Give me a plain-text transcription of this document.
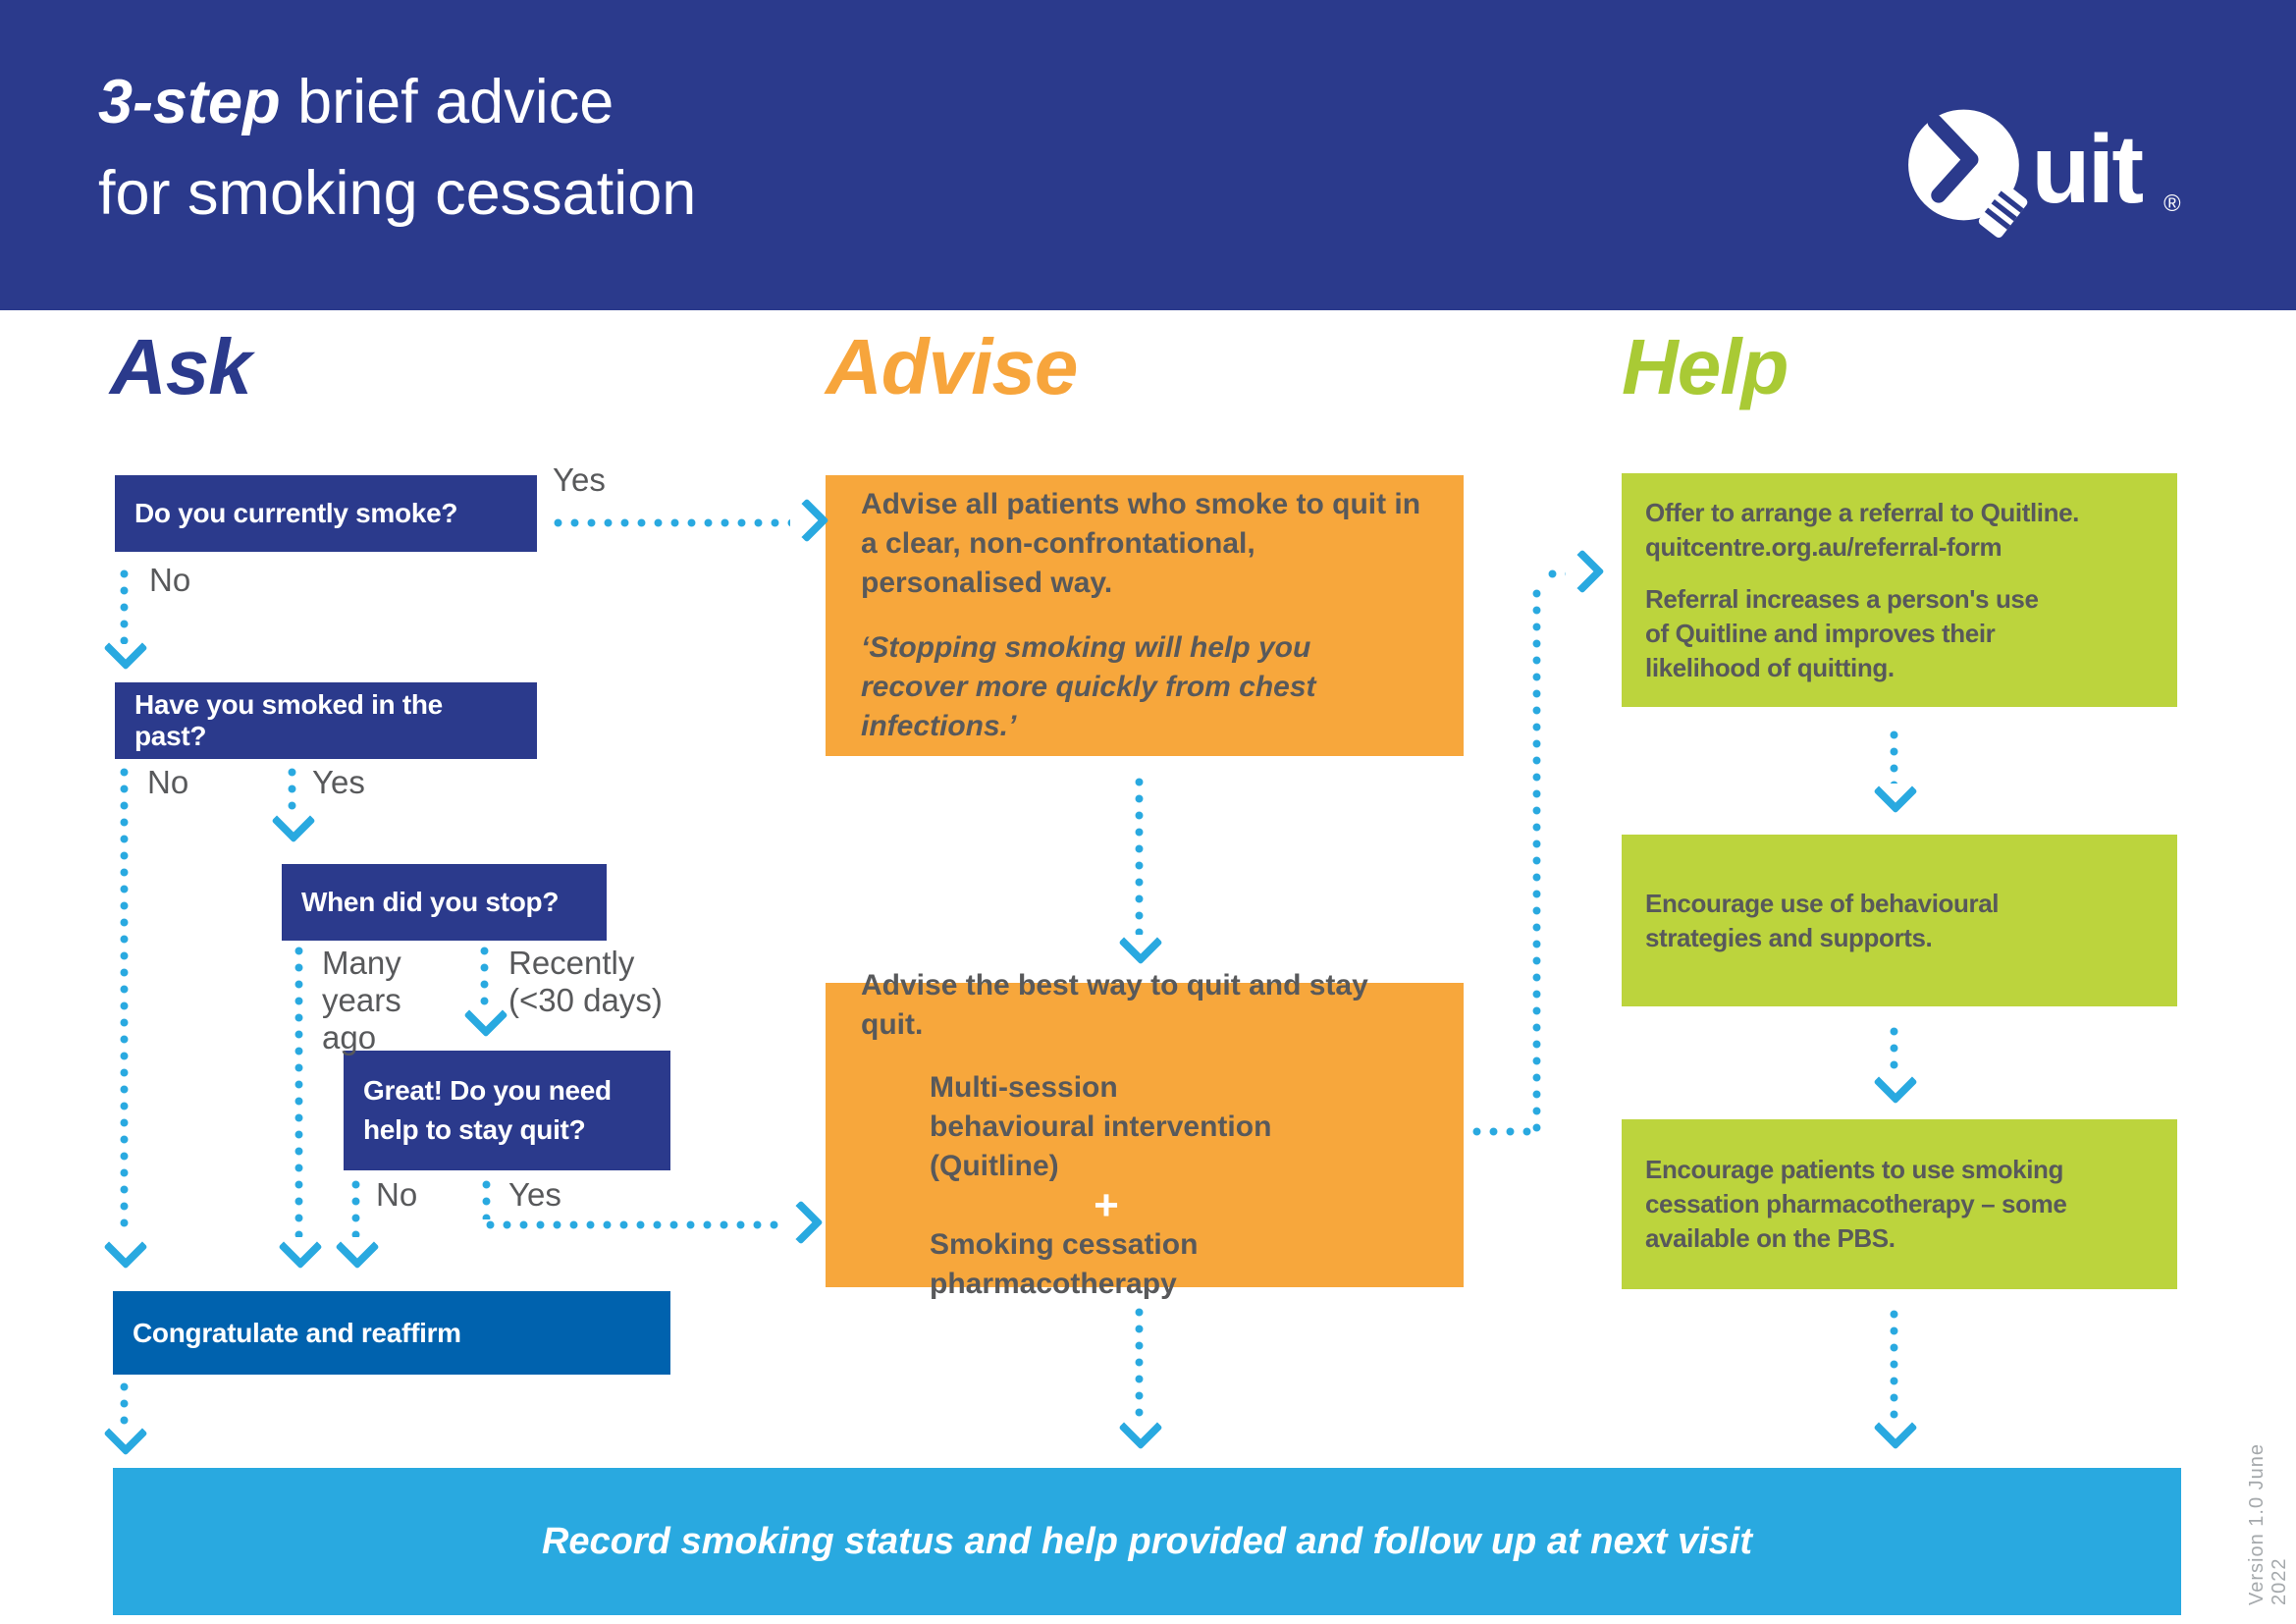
3-step brief advice
for smoking cessation	uit ®
Ask	Advise	Help
Do you currently smoke?
Have you smoked in the past?
When did you stop?
Great! Do you need help to stay quit?
Congratulate and reaffirm
Yes
No
No	Yes
Many years ago
Recently (<30 days)
No	Yes

Advise all patients who smoke to quit in a clear, non-confrontational, personalised way.

‘Stopping smoking will help you recover more quickly from chest infections.’

Advise the best way to quit and stay quit.

Multi-session behavioural intervention (Quitline)

+

Smoking cessation pharmacotherapy

Offer to arrange a referral to Quitline.

quitcentre.org.au/referral-form

Referral increases a person's use of Quitline and improves their likelihood of quitting.

Encourage use of behavioural strategies and supports.

Encourage patients to use smoking cessation pharmacotherapy – some available on the PBS.

Record smoking status and help provided and follow up at next visit	Version 1.0 June 2022
